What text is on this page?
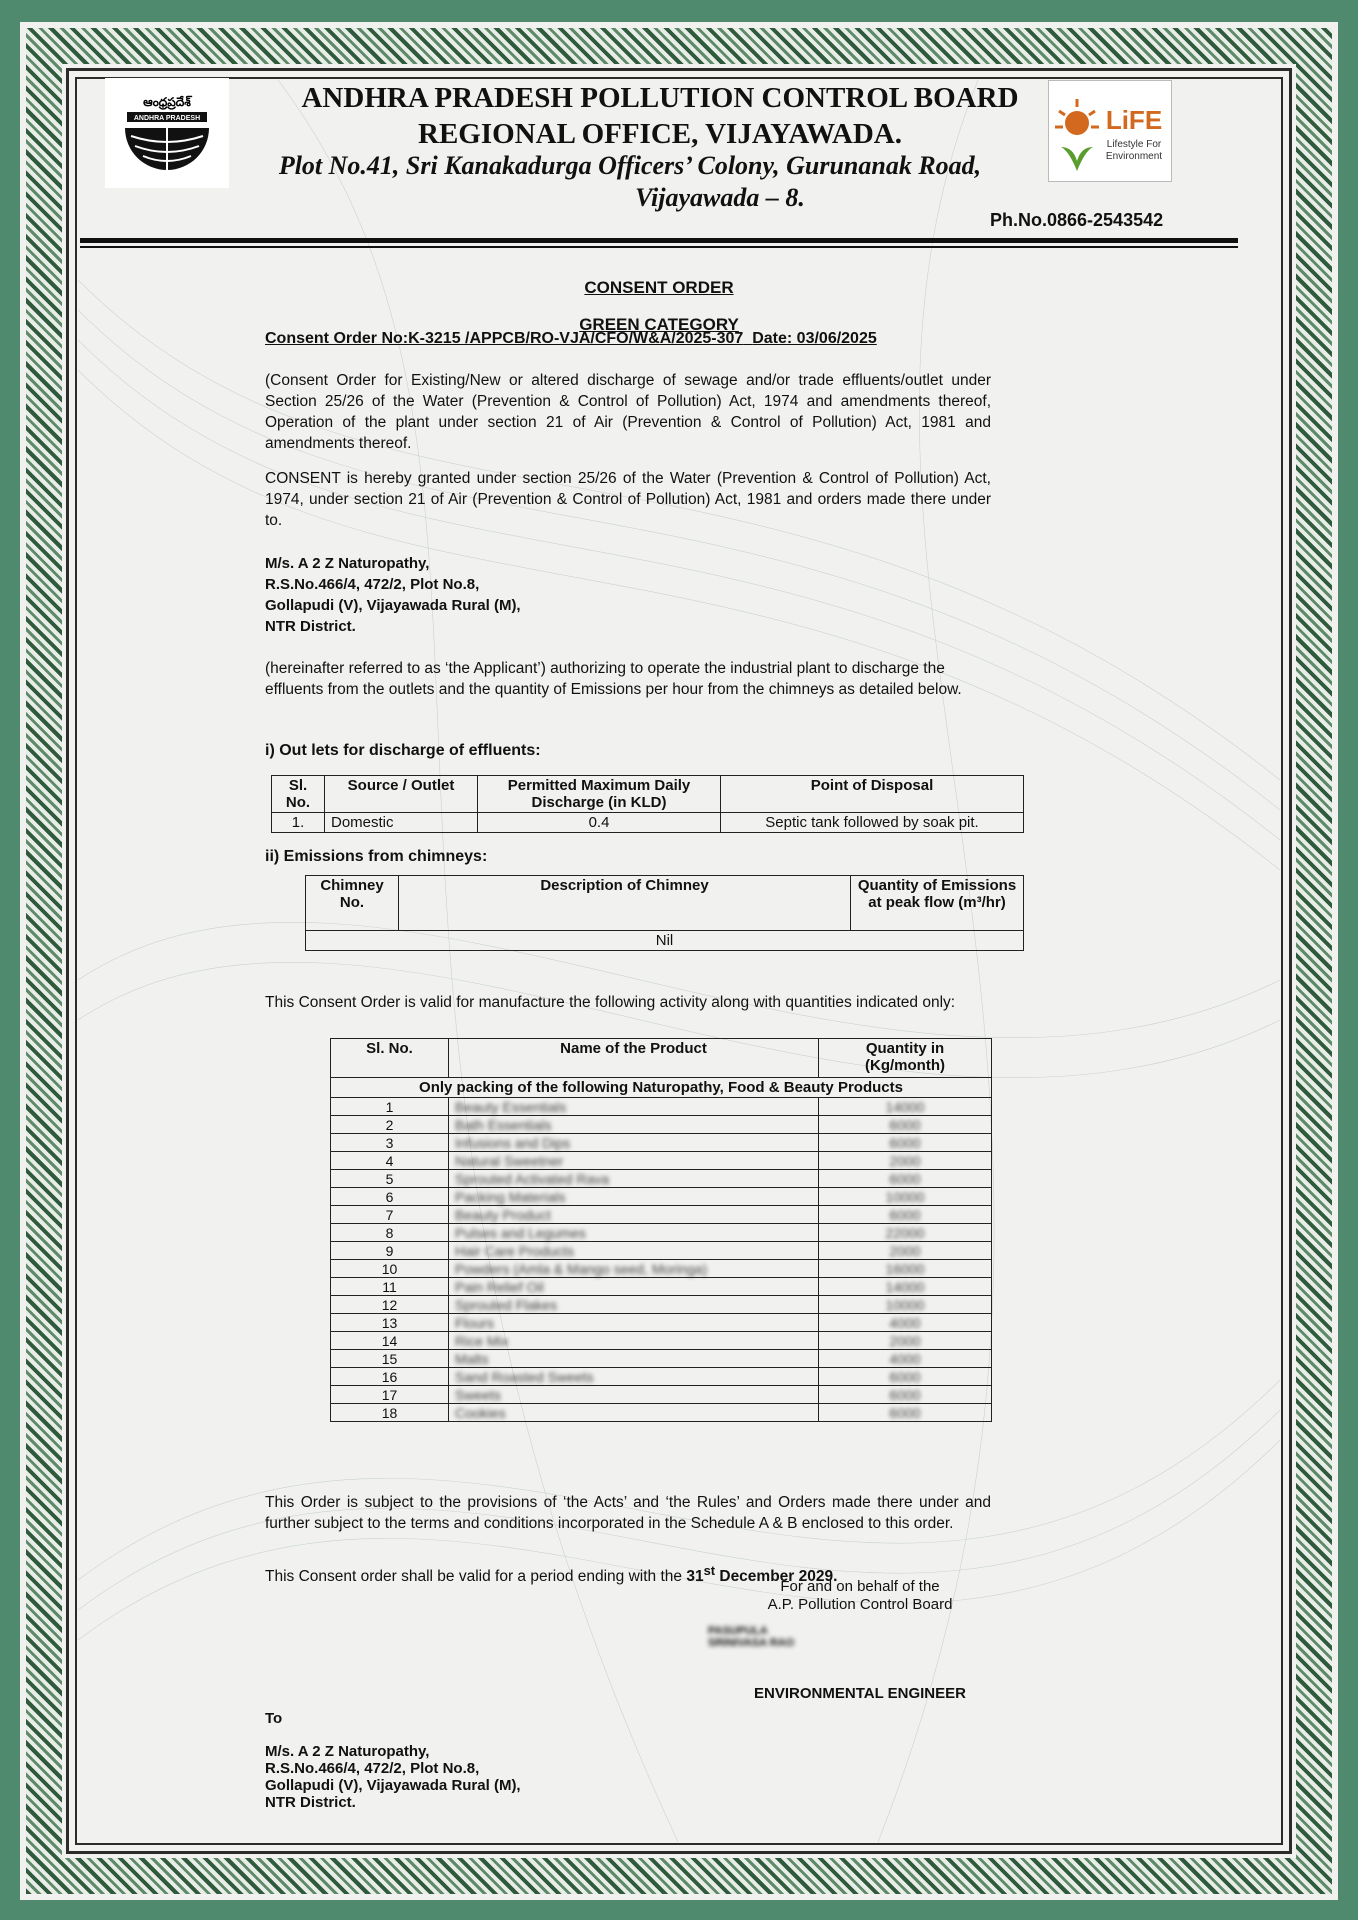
ఆంధ్రప్రదేశ్
ANDHRA PRADESH
ANDHRA PRADESH POLLUTION CONTROL BOARD
REGIONAL OFFICE, VIJAYAWADA.
Plot No.41, Sri Kanakadurga Officers’ Colony, Gurunanak Road,
Vijayawada – 8.
LiFE
Lifestyle For
Environment
Ph.No.0866-2543542
CONSENT ORDER
GREEN CATEGORY
Consent Order No:K-3215 /APPCB/RO-VJA/CFO/W&A/2025-307 Date: 03/06/2025
(Consent Order for Existing/New or altered discharge of sewage and/or trade effluents/outlet under Section 25/26 of the Water (Prevention & Control of Pollution) Act, 1974 and amendments thereof, Operation of the plant under section 21 of Air (Prevention & Control of Pollution) Act, 1981 and amendments thereof.
CONSENT is hereby granted under section 25/26 of the Water (Prevention & Control of Pollution) Act, 1974, under section 21 of Air (Prevention & Control of Pollution) Act, 1981 and orders made there under to.
M/s. A 2 Z Naturopathy,
R.S.No.466/4, 472/2, Plot No.8,
Gollapudi (V), Vijayawada Rural (M),
NTR District.
(hereinafter referred to as ‘the Applicant’) authorizing to operate the industrial plant to discharge the effluents from the outlets and the quantity of Emissions per hour from the chimneys as detailed below.
i) Out lets for discharge of effluents:
Sl. No.	Source / Outlet	Permitted Maximum Daily Discharge (in KLD)	Point of Disposal
1.	Domestic	0.4	Septic tank followed by soak pit.
ii) Emissions from chimneys:
Chimney No.	Description of Chimney	Quantity of Emissions at peak flow (m³/hr)
Nil
This Consent Order is valid for manufacture the following activity along with quantities indicated only:
Sl. No.	Name of the Product	Quantity in (Kg/month)
Only packing of the following Naturopathy, Food & Beauty Products		
1	Beauty Essentials	14000
2	Bath Essentials	6000
3	Infusions and Dips	6000
4	Natural Sweetner	2000
5	Sprouted Activated Rava	6000
6	Packing Materials	10000
7	Beauty Product	6000
8	Pulses and Legumes	22000
9	Hair Care Products	2000
10	Powders (Amla & Mango seed, Moringa)	16000
11	Pain Relief Oil	14000
12	Sprouted Flakes	10000
13	Flours	4000
14	Rice Mix	2000
15	Malts	4000
16	Sand Roasted Sweets	6000
17	Sweets	6000
18	Cookies	6000
This Order is subject to the provisions of ‘the Acts’ and ‘the Rules’ and Orders made there under and further subject to the terms and conditions incorporated in the Schedule A & B enclosed to this order.
This Consent order shall be valid for a period ending with the 31st December 2029.
For and on behalf of the
A.P. Pollution Control Board
PASUPULA
SRINIVASA RAO
ENVIRONMENTAL ENGINEER
To
M/s. A 2 Z Naturopathy,
R.S.No.466/4, 472/2, Plot No.8,
Gollapudi (V), Vijayawada Rural (M),
NTR District.
